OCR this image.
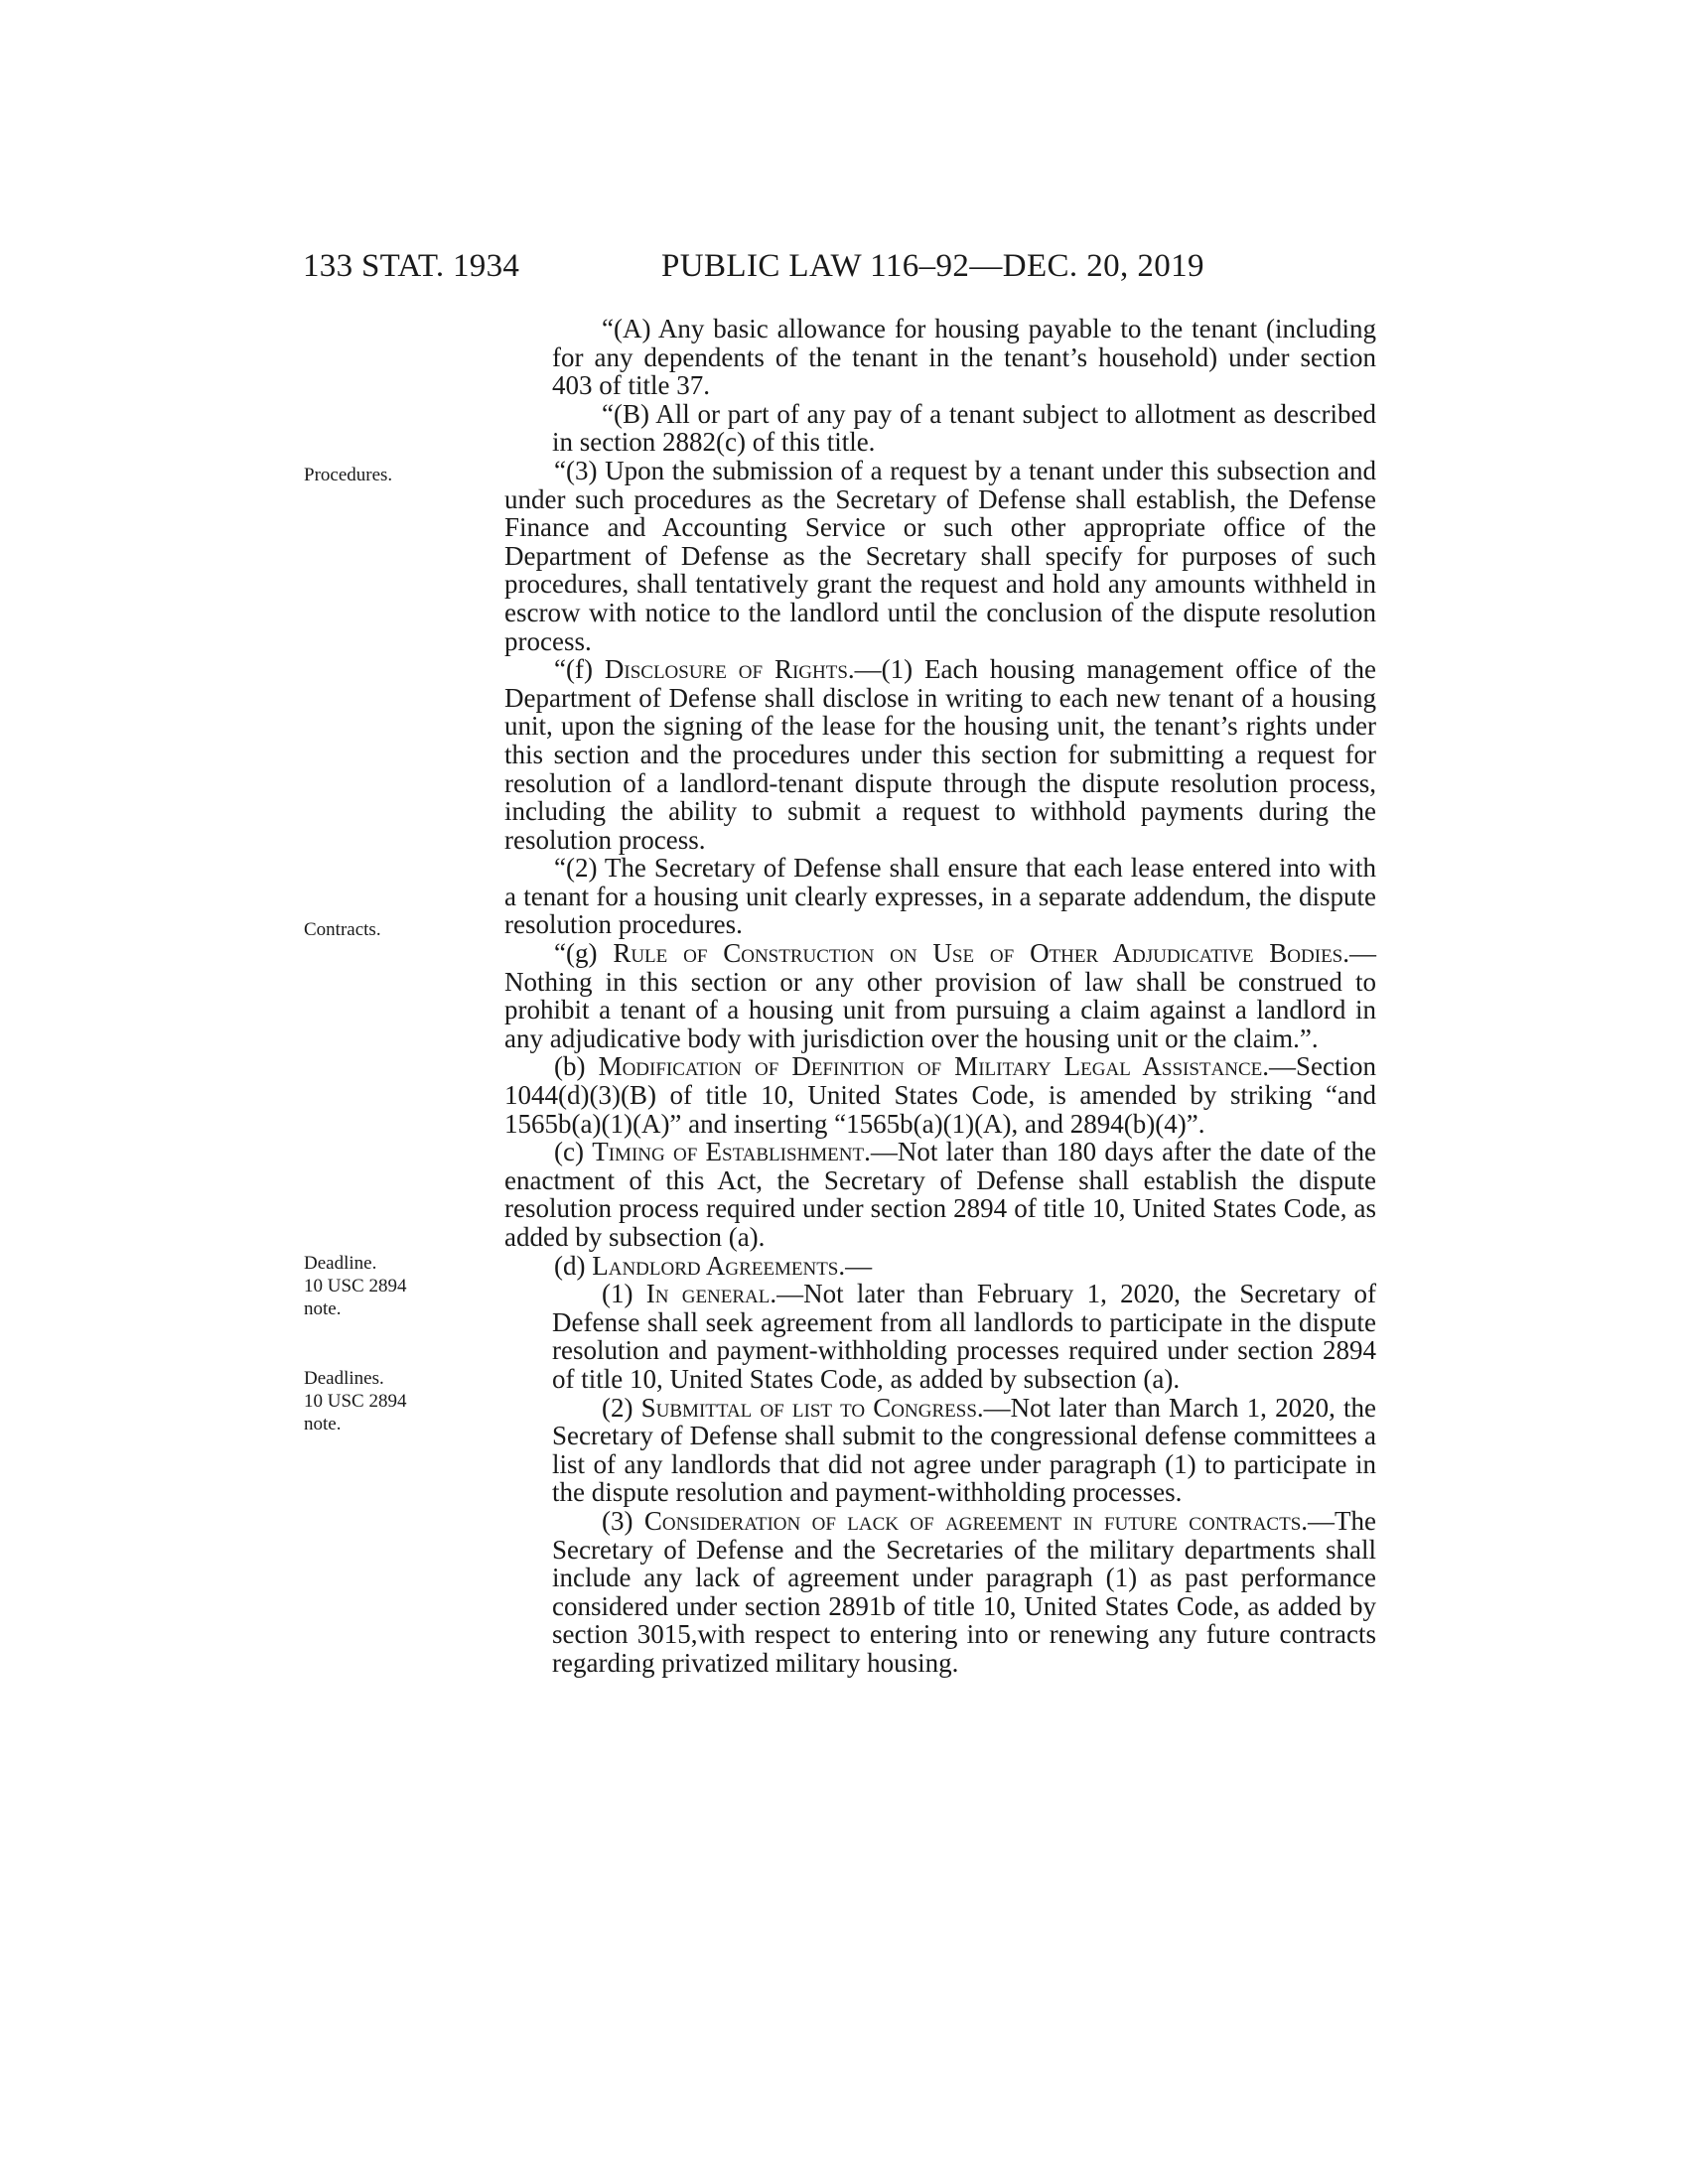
133 STAT. 1934	PUBLIC LAW 116–92—DEC. 20, 2019
Procedures.
Contracts.
Deadline.
10 USC 2894
note.
Deadlines.
10 USC 2894
note.

“(A) Any basic allowance for housing payable to the tenant (including for any dependents of the tenant in the tenant’s household) under section 403 of title 37.

“(B) All or part of any pay of a tenant subject to allotment as described in section 2882(c) of this title.

“(3) Upon the submission of a request by a tenant under this subsection and under such procedures as the Secretary of Defense shall establish, the Defense Finance and Accounting Service or such other appropriate office of the Department of Defense as the Secretary shall specify for purposes of such procedures, shall tentatively grant the request and hold any amounts withheld in escrow with notice to the landlord until the conclusion of the dispute resolution process.

“(f) Disclosure of Rights.—(1) Each housing management office of the Department of Defense shall disclose in writing to each new tenant of a housing unit, upon the signing of the lease for the housing unit, the tenant’s rights under this section and the procedures under this section for submitting a request for resolution of a landlord-tenant dispute through the dispute resolution process, including the ability to submit a request to withhold payments during the resolution process.

“(2) The Secretary of Defense shall ensure that each lease entered into with a tenant for a housing unit clearly expresses, in a separate addendum, the dispute resolution procedures.

“(g) Rule of Construction on Use of Other Adjudicative Bodies.—Nothing in this section or any other provision of law shall be construed to prohibit a tenant of a housing unit from pursuing a claim against a landlord in any adjudicative body with jurisdiction over the housing unit or the claim.”.

(b) Modification of Definition of Military Legal Assistance.—Section 1044(d)(3)(B) of title 10, United States Code, is amended by striking “and 1565b(a)(1)(A)” and inserting “1565b(a)(1)(A), and 2894(b)(4)”.

(c) Timing of Establishment.—Not later than 180 days after the date of the enactment of this Act, the Secretary of Defense shall establish the dispute resolution process required under section 2894 of title 10, United States Code, as added by subsection (a).

(d) Landlord Agreements.—

(1) In general.—Not later than February 1, 2020, the Secretary of Defense shall seek agreement from all landlords to participate in the dispute resolution and payment-withholding processes required under section 2894 of title 10, United States Code, as added by subsection (a).

(2) Submittal of list to Congress.—Not later than March 1, 2020, the Secretary of Defense shall submit to the congressional defense committees a list of any landlords that did not agree under paragraph (1) to participate in the dispute resolution and payment-withholding processes.

(3) Consideration of lack of agreement in future contracts.—The Secretary of Defense and the Secretaries of the military departments shall include any lack of agreement under paragraph (1) as past performance considered under section 2891b of title 10, United States Code, as added by section 3015,with respect to entering into or renewing any future contracts regarding privatized military housing.
